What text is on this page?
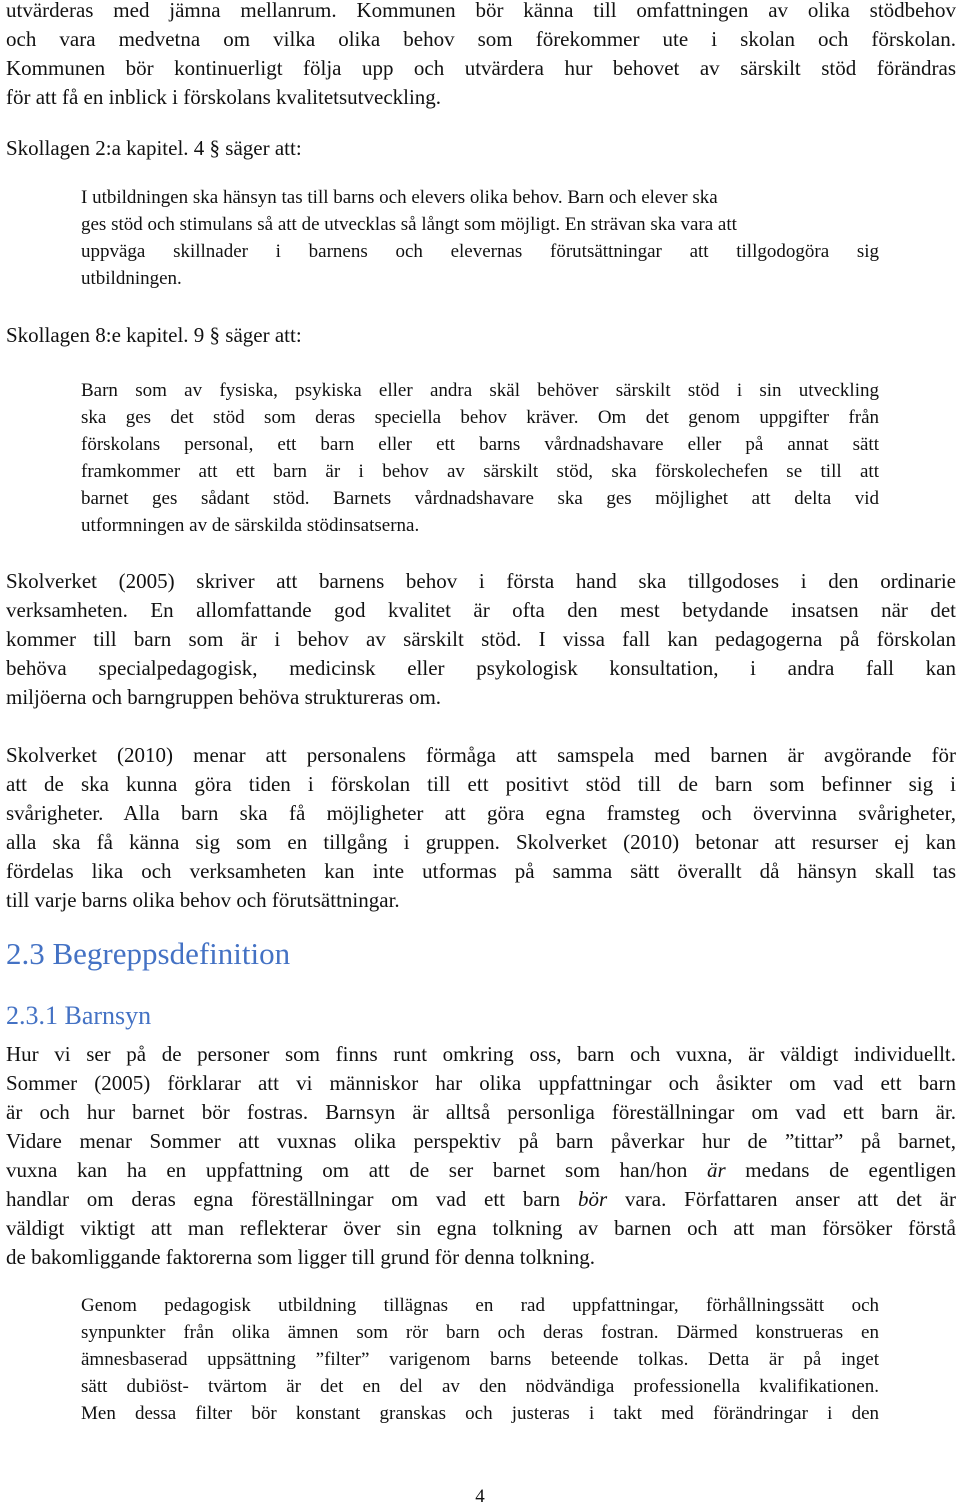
utvärderas med jämna mellanrum. Kommunen bör känna till omfattningen av olika stödbehov

och vara medvetna om vilka olika behov som förekommer ute i skolan och förskolan.

Kommunen bör kontinuerligt följa upp och utvärdera hur behovet av särskilt stöd förändras

för att få en inblick i förskolans kvalitetsutveckling.

Skollagen 2:a kapitel. 4 § säger att:

I utbildningen ska hänsyn tas till barns och elevers olika behov. Barn och elever ska

ges stöd och stimulans så att de utvecklas så långt som möjligt. En strävan ska vara att

uppväga skillnader i barnens och elevernas förutsättningar att tillgodogöra sig

utbildningen.

Skollagen 8:e kapitel. 9 § säger att:

Barn som av fysiska, psykiska eller andra skäl behöver särskilt stöd i sin utveckling

ska ges det stöd som deras speciella behov kräver. Om det genom uppgifter från

förskolans personal, ett barn eller ett barns vårdnadshavare eller på annat sätt

framkommer att ett barn är i behov av särskilt stöd, ska förskolechefen se till att

barnet ges sådant stöd. Barnets vårdnadshavare ska ges möjlighet att delta vid

utformningen av de särskilda stödinsatserna.

Skolverket (2005) skriver att barnens behov i första hand ska tillgodoses i den ordinarie

verksamheten. En allomfattande god kvalitet är ofta den mest betydande insatsen när det

kommer till barn som är i behov av särskilt stöd. I vissa fall kan pedagogerna på förskolan

behöva specialpedagogisk, medicinsk eller psykologisk konsultation, i andra fall kan

miljöerna och barngruppen behöva struktureras om.

Skolverket (2010) menar att personalens förmåga att samspela med barnen är avgörande för

att de ska kunna göra tiden i förskolan till ett positivt stöd till de barn som befinner sig i

svårigheter. Alla barn ska få möjligheter att göra egna framsteg och övervinna svårigheter,

alla ska få känna sig som en tillgång i gruppen. Skolverket (2010) betonar att resurser ej kan

fördelas lika och verksamheten kan inte utformas på samma sätt överallt då hänsyn skall tas

till varje barns olika behov och förutsättningar.

2.3 Begreppsdefinition
2.3.1 Barnsyn

Hur vi ser på de personer som finns runt omkring oss, barn och vuxna, är väldigt individuellt.

Sommer (2005) förklarar att vi människor har olika uppfattningar och åsikter om vad ett barn

är och hur barnet bör fostras. Barnsyn är alltså personliga föreställningar om vad ett barn är.

Vidare menar Sommer att vuxnas olika perspektiv på barn påverkar hur de ”tittar” på barnet,

vuxna kan ha en uppfattning om att de ser barnet som han/hon är medans de egentligen

handlar om deras egna föreställningar om vad ett barn bör vara. Författaren anser att det är

väldigt viktigt att man reflekterar över sin egna tolkning av barnen och att man försöker förstå

de bakomliggande faktorerna som ligger till grund för denna tolkning.

Genom pedagogisk utbildning tillägnas en rad uppfattningar, förhållningssätt och

synpunkter från olika ämnen som rör barn och deras fostran. Därmed konstrueras en

ämnesbaserad uppsättning ”filter” varigenom barns beteende tolkas. Detta är på inget

sätt dubiöst- tvärtom är det en del av den nödvändiga professionella kvalifikationen.

Men dessa filter bör konstant granskas och justeras i takt med förändringar i den

4
